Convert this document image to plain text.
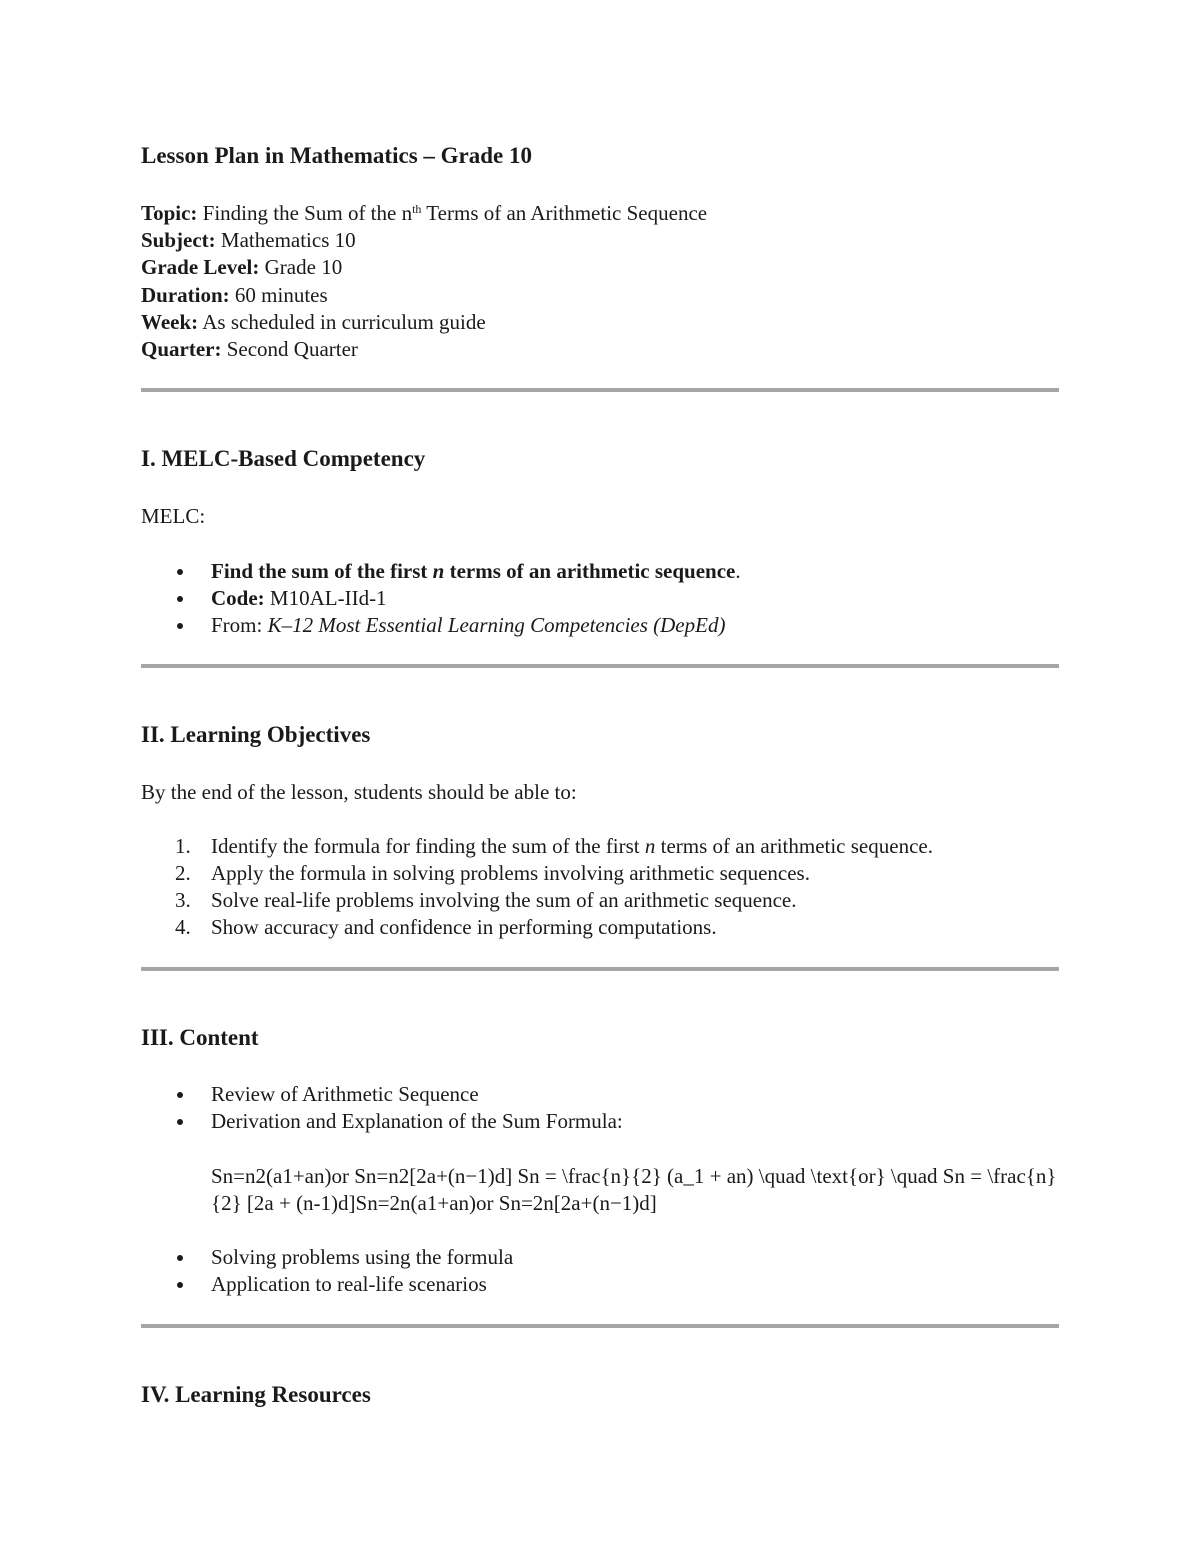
Lesson Plan in Mathematics – Grade 10
Topic: Finding the Sum of the $n^{th}$ Terms of an Arithmetic Sequence
Subject: Mathematics 10
Grade Level: Grade 10
Duration: 60 minutes
Week: As scheduled in curriculum guide
Quarter: Second Quarter
I. MELC-Based Competency

MELC:

Find the sum of the first n terms of an arithmetic sequence.
Code: M10AL-IId-1
From: K–12 Most Essential Learning Competencies (DepEd)
II. Learning Objectives

By the end of the lesson, students should be able to:

1. Identify the formula for finding the sum of the first n terms of an arithmetic sequence.
2. Apply the formula in solving problems involving arithmetic sequences.
3. Solve real-life problems involving the sum of an arithmetic sequence.
4. Show accuracy and confidence in performing computations.
III. Content
Review of Arithmetic Sequence
Derivation and Explanation of the Sum Formula:
Sn=n2(a1+an)or Sn=n2[2a+(n−1)d] Sn = \frac{n}{2} (a_1 + an) \quad \text{or} \quad Sn = \frac{n}{2} [2a + (n-1)d]Sn=2n(a1+an)or Sn=2n[2a+(n−1)d]
Solving problems using the formula
Application to real-life scenarios
IV. Learning Resources
